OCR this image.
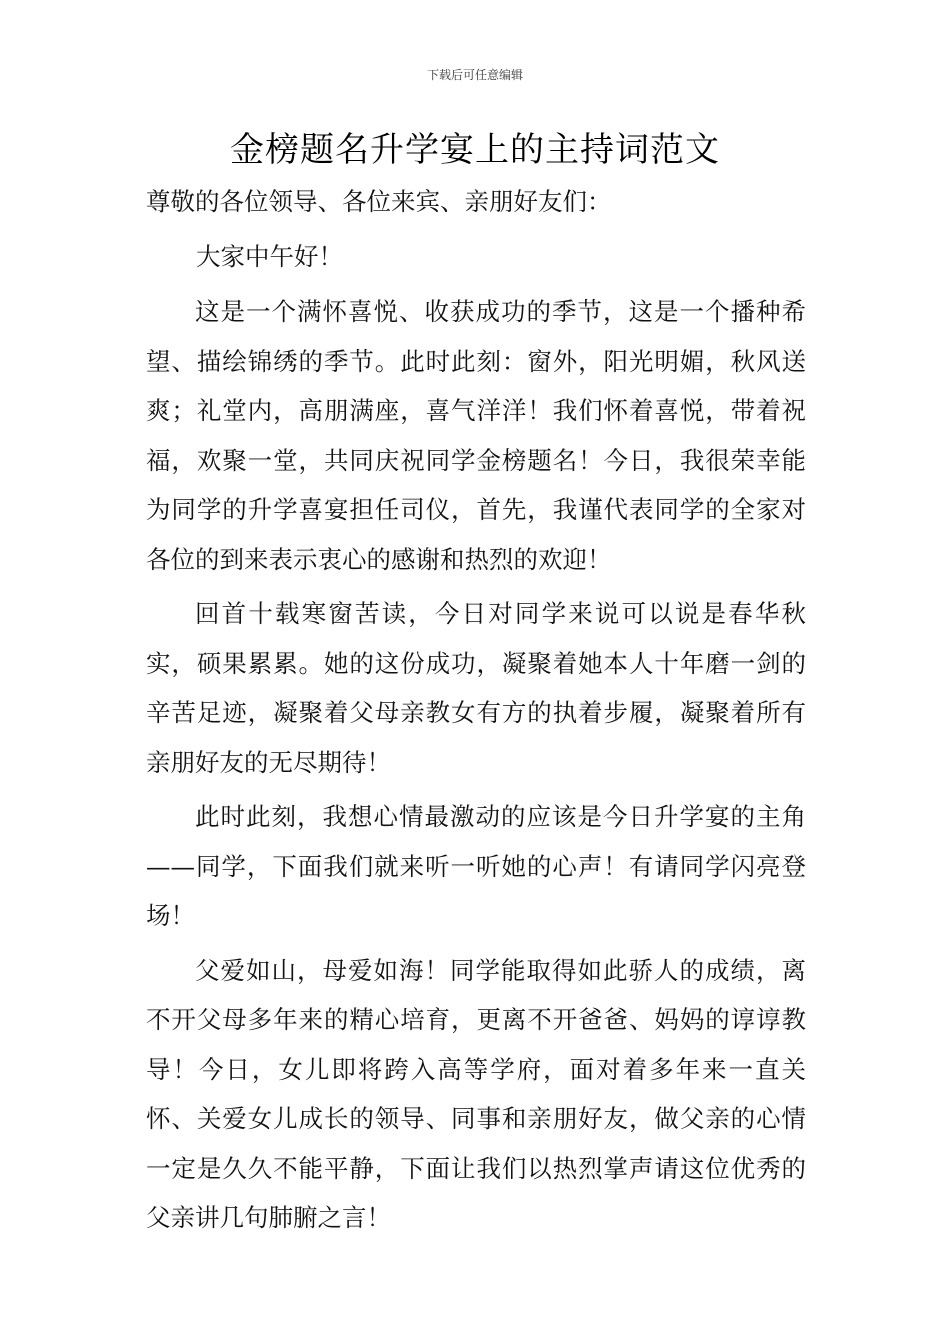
下载后可任意编辑
金榜题名升学宴上的主持词范文

尊敬的各位领导、各位来宾、亲朋好友们：

大家中午好！

这是一个满怀喜悦、收获成功的季节，这是一个播种希望、描绘锦绣的季节。此时此刻：窗外，阳光明媚，秋风送爽；礼堂内，高朋满座，喜气洋洋！我们怀着喜悦，带着祝福，欢聚一堂，共同庆祝同学金榜题名！今日，我很荣幸能为同学的升学喜宴担任司仪，首先，我谨代表同学的全家对各位的到来表示衷心的感谢和热烈的欢迎！

回首十载寒窗苦读，今日对同学来说可以说是春华秋实，硕果累累。她的这份成功，凝聚着她本人十年磨一剑的辛苦足迹，凝聚着父母亲教女有方的执着步履，凝聚着所有亲朋好友的无尽期待！

此时此刻，我想心情最激动的应该是今日升学宴的主角——同学，下面我们就来听一听她的心声！有请同学闪亮登场！

父爱如山，母爱如海！同学能取得如此骄人的成绩，离不开父母多年来的精心培育，更离不开爸爸、妈妈的谆谆教导！今日，女儿即将跨入高等学府，面对着多年来一直关怀、关爱女儿成长的领导、同事和亲朋好友，做父亲的心情一定是久久不能平静，下面让我们以热烈掌声请这位优秀的父亲讲几句肺腑之言！
